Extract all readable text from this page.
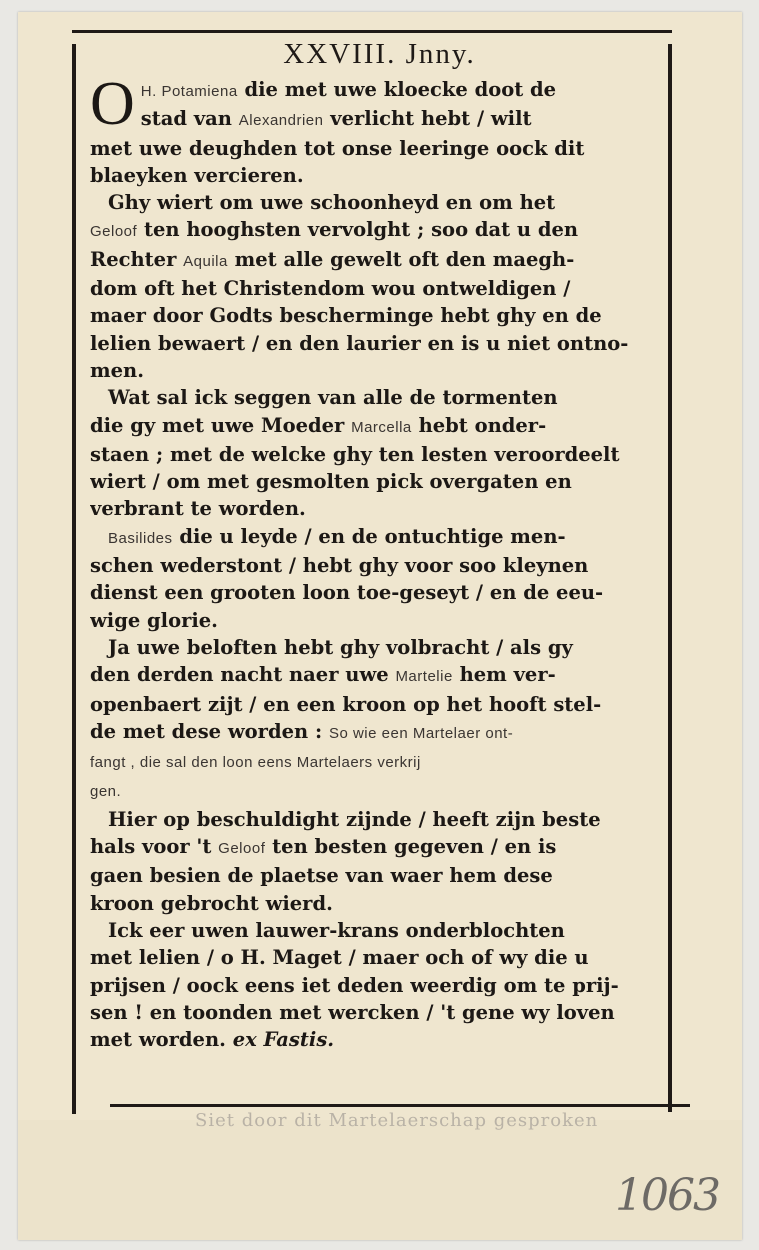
XXVIII. Jnny.

O H. Potamiena die met uwe kloecke doot de
stad van Alexandrien verlicht hebt / wilt
met uwe deughden tot onse leeringe oock dit
blaeyken vercieren.

Ghy wiert om uwe schoonheyd en om het
Geloof ten hooghsten vervolght ; soo dat u den
Rechter Aquila met alle gewelt oft den maegh-
dom oft het Christendom wou ontweldigen /
maer door Godts bescherminge hebt ghy en de
lelien bewaert / en den laurier en is u niet ontno-
men.

Wat sal ick seggen van alle de tormenten
die gy met uwe Moeder Marcella hebt onder-
staen ; met de welcke ghy ten lesten veroordeelt
wiert / om met gesmolten pick overgaten en
verbrant te worden.

Basilides die u leyde / en de ontuchtige men-
schen wederstont / hebt ghy voor soo kleynen
dienst een grooten loon toe-geseyt / en de eeu-
wige glorie.

Ja uwe beloften hebt ghy volbracht / als gy
den derden nacht naer uwe Martelie hem ver-
openbaert zijt / en een kroon op het hooft stel-
de met dese worden : So wie een Martelaer ont-
fangt , die sal den loon eens Martelaers verkrij
gen.

Hier op beschuldight zijnde / heeft zijn beste
hals voor 't Geloof ten besten gegeven / en is
gaen besien de plaetse van waer hem dese
kroon gebrocht wierd.

Ick eer uwen lauwer-krans onderblochten
met lelien / o H. Maget / maer och of wy die u
prijsen / oock eens iet deden weerdig om te prij-
sen ! en toonden met wercken / 't gene wy loven
met worden. ex Fastis.

Siet door dit Martelaerschap gesproken
1063
